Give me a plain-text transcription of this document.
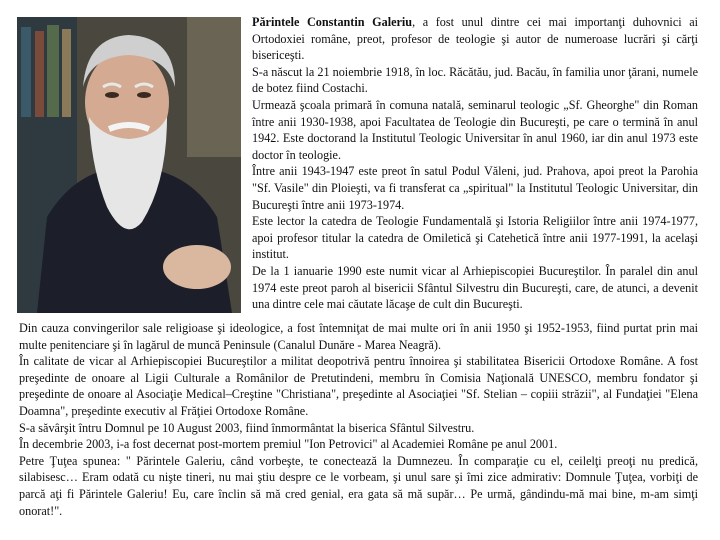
Părintele Constantin Galeriu, a fost unul dintre cei mai importanţi duhovnici ai Ortodoxiei române, preot, profesor de teologie şi autor de numeroase lucrări şi cărţi bisericeşti.

S-a născut la 21 noiembrie 1918, în loc. Răcătău, jud. Bacău, în familia unor ţărani, numele de botez fiind Costachi.

Urmează şcoala primară în comuna natală, seminarul teologic „Sf. Gheorghe" din Roman între anii 1930-1938, apoi Facultatea de Teologie din Bucureşti, pe care o termină în anul 1942. Este doctorand la Institutul Teologic Universitar în anul 1960, iar din anul 1973 este doctor în teologie.

Între anii 1943-1947 este preot în satul Podul Văleni, jud. Prahova, apoi preot la Parohia "Sf. Vasile" din Ploieşti, va fi transferat ca „spiritual" la Institutul Teologic Universitar, din Bucureşti între anii 1973-1974.

Este lector la catedra de Teologie Fundamentală şi Istoria Religiilor între anii 1974-1977, apoi profesor titular la catedra de Omiletică şi Catehetică între anii 1977-1991, la acelaşi institut.

De la 1 ianuarie 1990 este numit vicar al Arhiepiscopiei Bucureştilor. În paralel din anul 1974 este preot paroh al bisericii Sfântul Silvestru din Bucureşti, care, de atunci, a devenit una dintre cele mai căutate lăcaşe de cult din Bucureşti.

Din cauza convingerilor sale religioase şi ideologice, a fost întemniţat de mai multe ori în anii 1950 şi 1952-1953, fiind purtat prin mai multe penitenciare şi în lagărul de muncă Peninsule (Canalul Dunăre - Marea Neagră).

În calitate de vicar al Arhiepiscopiei Bucureştilor a militat deopotrivă pentru înnoirea şi stabilitatea Bisericii Ortodoxe Române. A fost preşedinte de onoare al Ligii Culturale a Românilor de Pretutindeni, membru în Comisia Naţională UNESCO, membru fondator şi preşedinte de onoare al Asociaţie Medical–Creştine "Christiana", preşedinte al Asociaţiei "Sf. Stelian – copiii străzii", al Fundaţiei "Elena Doamna", preşedinte executiv al Frăţiei Ortodoxe Române.

S-a săvârşit întru Domnul pe 10 August 2003, fiind înmormântat la biserica Sfântul Silvestru.

În decembrie 2003, i-a fost decernat post-mortem premiul "Ion Petrovici" al Academiei Române pe anul 2001.

Petre Ţuţea spunea: " Părintele Galeriu, când vorbeşte, te conectează la Dumnezeu. În comparaţie cu el, ceilelţi preoţi nu predică, silabisesc… Eram odată cu nişte tineri, nu mai ştiu despre ce le vorbeam, şi unul sare şi îmi zice admirativ: Domnule Ţuţea, vorbiţi de parcă aţi fi Părintele Galeriu! Eu, care înclin să mă cred genial, era gata să mă supăr… Pe urmă, gândindu-mă mai bine, m-am simţi onorat!".
